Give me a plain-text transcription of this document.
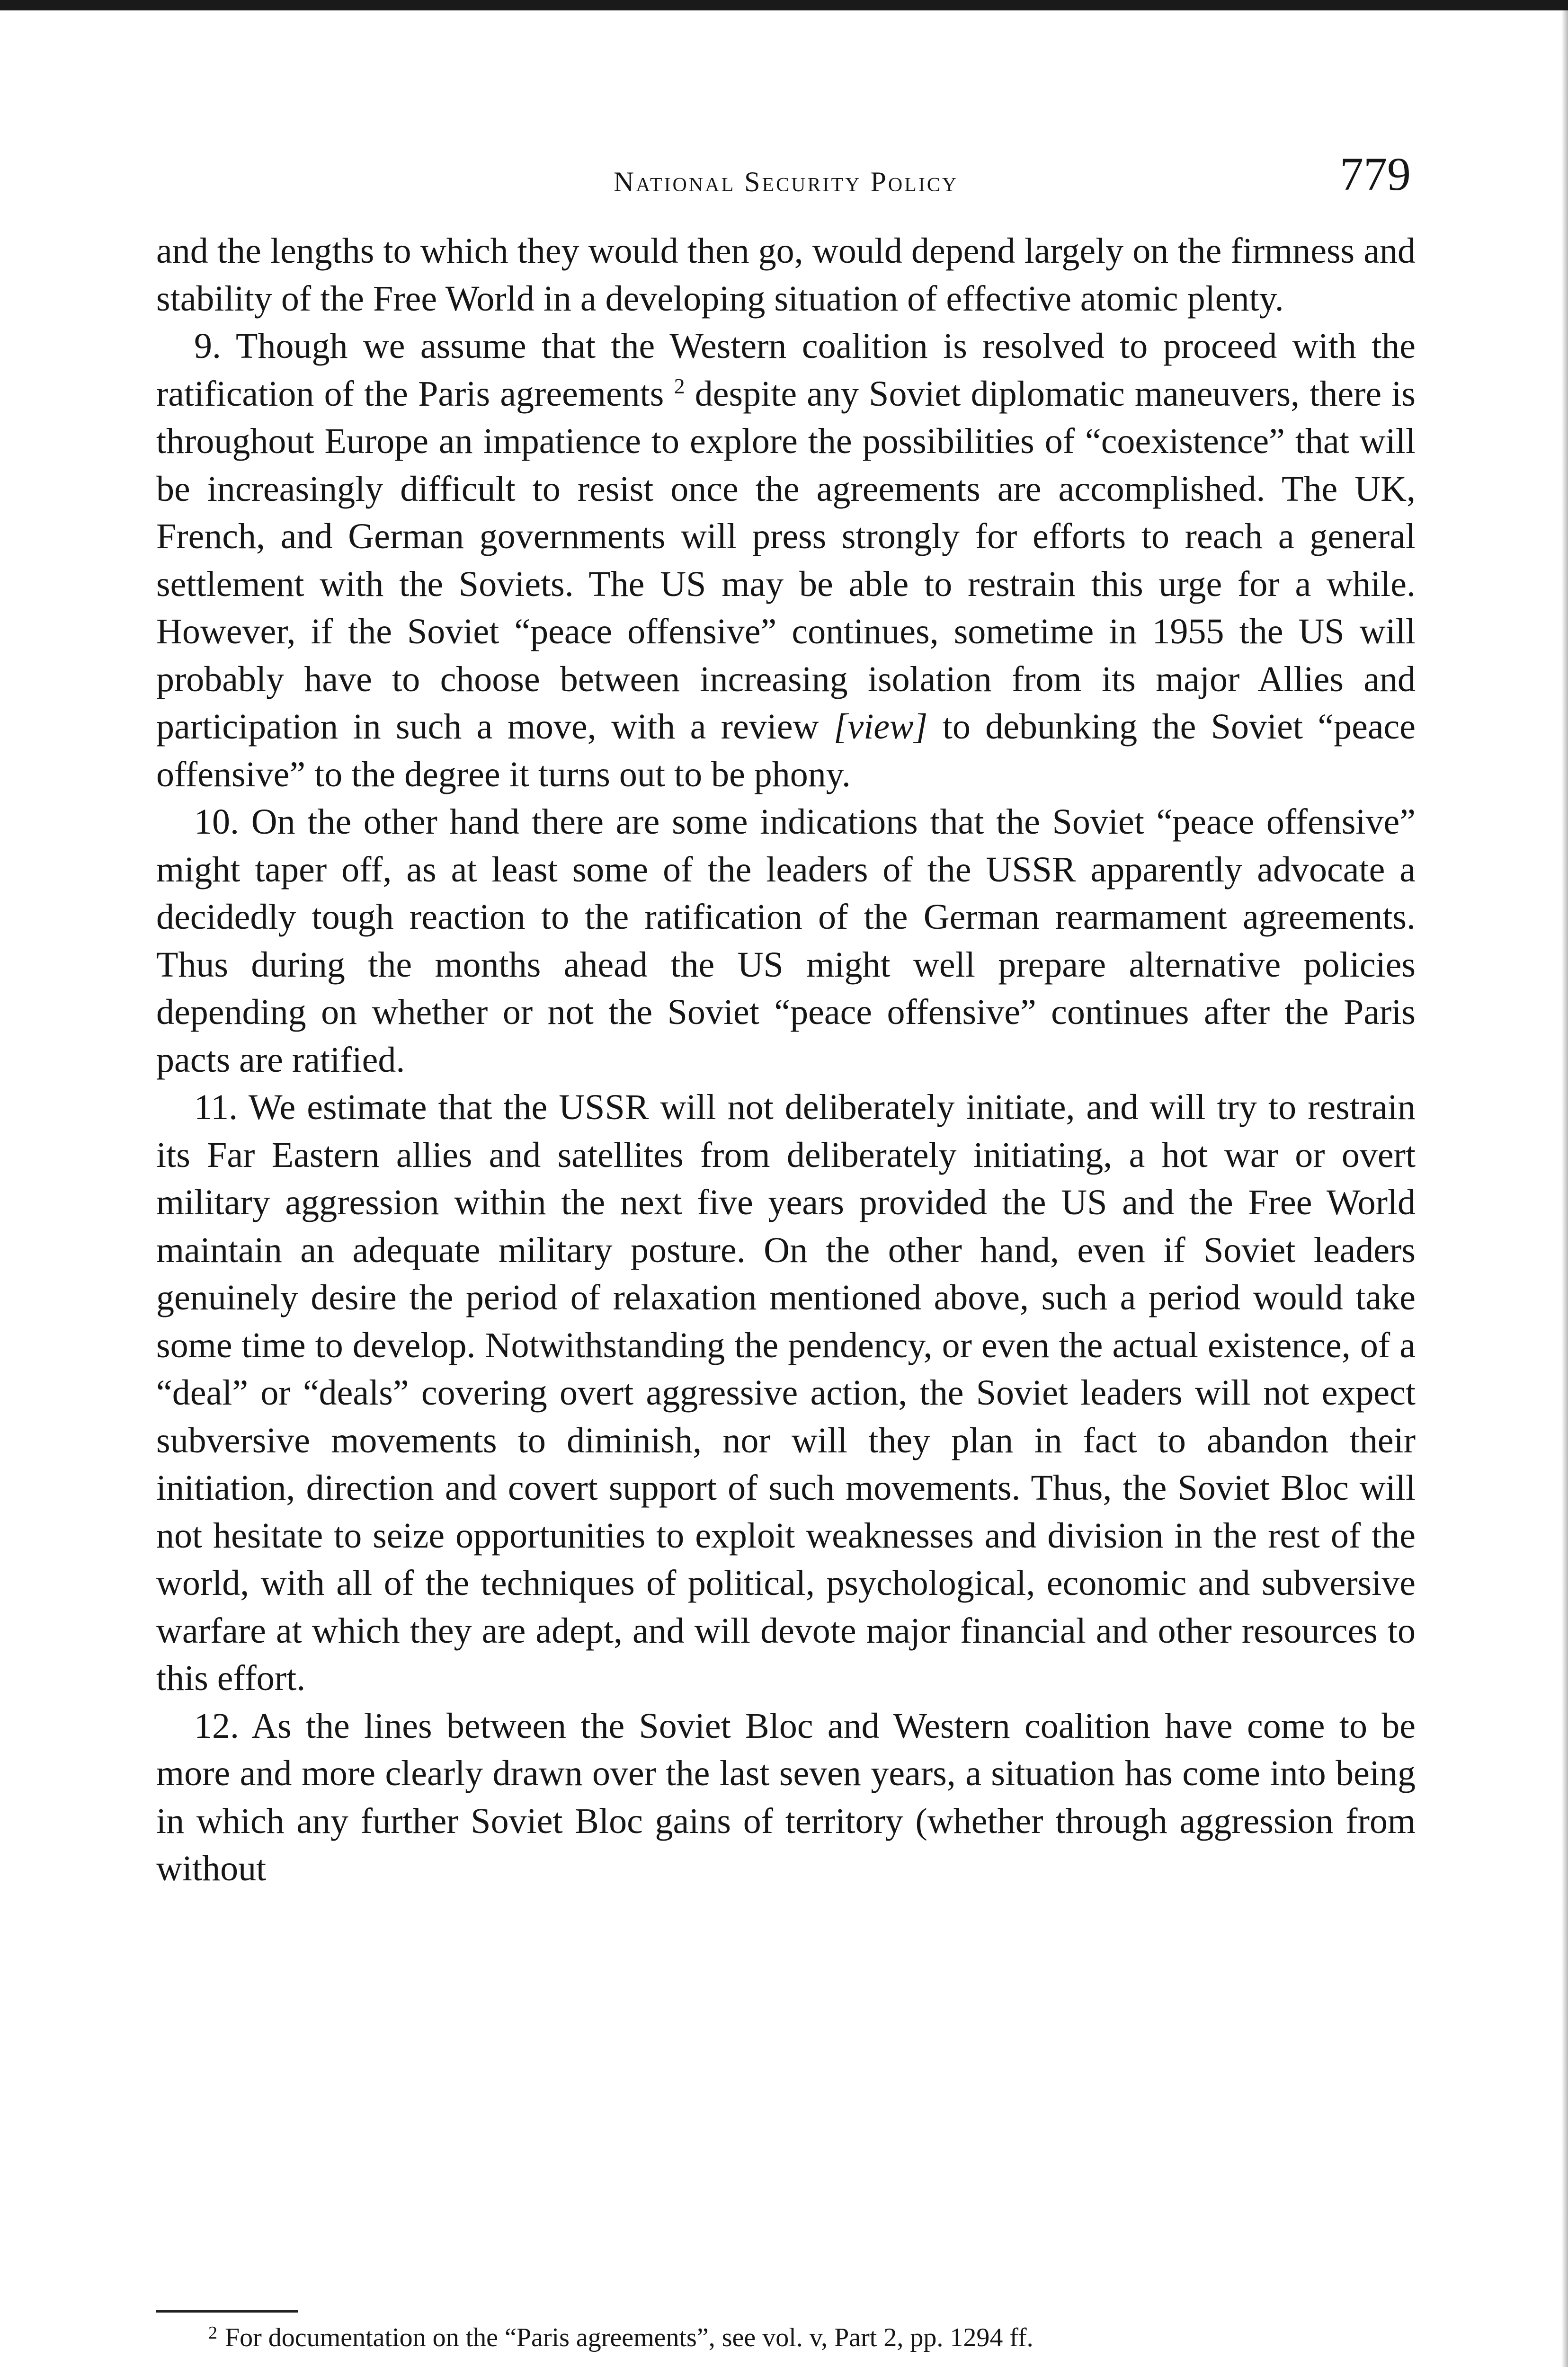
National Security Policy	779

and the lengths to which they would then go, would depend largely on the firmness and stability of the Free World in a developing situation of effective atomic plenty.

9. Though we assume that the Western coalition is resolved to proceed with the ratification of the Paris agreements $^2$ despite any Soviet diplomatic maneuvers, there is throughout Europe an impatience to explore the possibilities of “coexistence” that will be increasingly difficult to resist once the agreements are accomplished. The UK, French, and German governments will press strongly for efforts to reach a general settlement with the Soviets. The US may be able to restrain this urge for a while. However, if the Soviet “peace offensive” continues, sometime in 1955 the US will probably have to choose between increasing isolation from its major Allies and participation in such a move, with a review [view] to debunking the Soviet “peace offensive” to the degree it turns out to be phony.

10. On the other hand there are some indications that the Soviet “peace offensive” might taper off, as at least some of the leaders of the USSR apparently advocate a decidedly tough reaction to the ratification of the German rearmament agreements. Thus during the months ahead the US might well prepare alternative policies depending on whether or not the Soviet “peace offensive” continues after the Paris pacts are ratified.

11. We estimate that the USSR will not deliberately initiate, and will try to restrain its Far Eastern allies and satellites from deliberately initiating, a hot war or overt military aggression within the next five years provided the US and the Free World maintain an adequate military posture. On the other hand, even if Soviet leaders genuinely desire the period of relaxation mentioned above, such a period would take some time to develop. Notwithstanding the pendency, or even the actual existence, of a “deal” or “deals” covering overt aggressive action, the Soviet leaders will not expect subversive movements to diminish, nor will they plan in fact to abandon their initiation, direction and covert support of such movements. Thus, the Soviet Bloc will not hesitate to seize opportunities to exploit weaknesses and division in the rest of the world, with all of the techniques of political, psychological, economic and subversive warfare at which they are adept, and will devote major financial and other resources to this effort.

12. As the lines between the Soviet Bloc and Western coalition have come to be more and more clearly drawn over the last seven years, a situation has come into being in which any further Soviet Bloc gains of territory (whether through aggression from without

$^2$ For documentation on the “Paris agreements”, see vol. v, Part 2, pp. 1294 ff.
